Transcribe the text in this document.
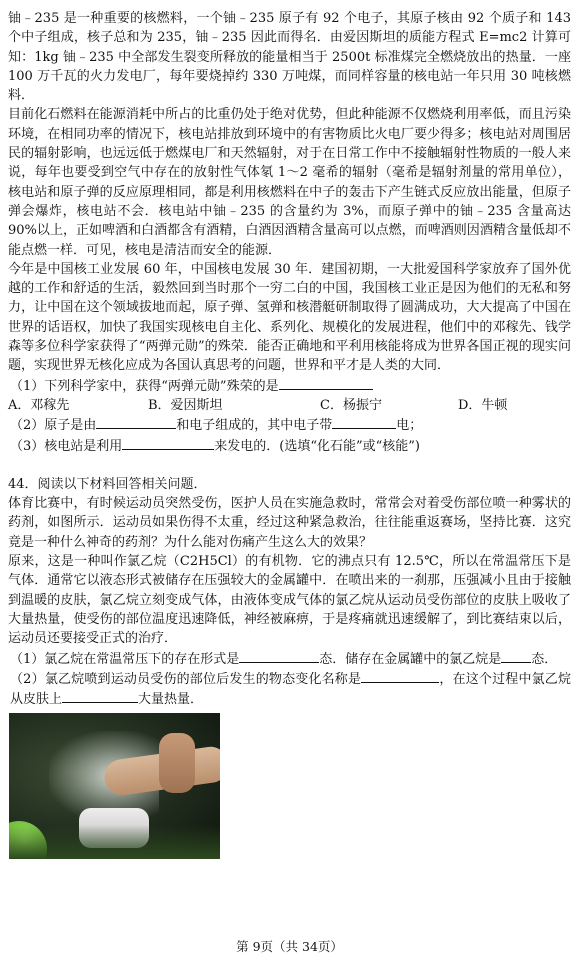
铀﹣235 是一种重要的核燃料，一个铀﹣235 原子有 92 个电子，其原子核由 92 个质子和 143 个中子组成，核子总和为 235，铀﹣235 因此而得名．由爱因斯坦的质能方程式 E=mc2 计算可知：1kg 铀﹣235 中全部发生裂变所释放的能量相当于 2500t 标准煤完全燃烧放出的热量．一座 100 万千瓦的火力发电厂，每年要烧掉约 330 万吨煤，而同样容量的核电站一年只用 30 吨核燃料．

目前化石燃料在能源消耗中所占的比重仍处于绝对优势，但此种能源不仅燃烧利用率低，而且污染环境，在相同功率的情况下，核电站排放到环境中的有害物质比火电厂要少得多；核电站对周围居民的辐射影响，也远远低于燃煤电厂和天然辐射，对于在日常工作中不接触辐射性物质的一般人来说，每年也要受到空气中存在的放射性气体氡 1～2 毫希的辐射（毫希是辐射剂量的常用单位），核电站和原子弹的反应原理相同，都是利用核燃料在中子的轰击下产生链式反应放出能量，但原子弹会爆炸，核电站不会．核电站中铀﹣235 的含量约为 3%，而原子弹中的铀﹣235 含量高达 90%以上，正如啤酒和白酒都含有酒精，白酒因酒精含量高可以点燃，而啤酒则因酒精含量低却不能点燃一样．可见，核电是清洁而安全的能源．

今年是中国核工业发展 60 年，中国核电发展 30 年．建国初期，一大批爱国科学家放弃了国外优越的工作和舒适的生活，毅然回到当时那个一穷二白的中国，我国核工业正是因为他们的无私和努力，让中国在这个领域拔地而起，原子弹、氢弹和核潜艇研制取得了圆满成功，大大提高了中国在世界的话语权，加快了我国实现核电自主化、系列化、规模化的发展进程，他们中的邓稼先、钱学森等多位科学家获得了“两弹元勋”的殊荣．能否正确地和平利用核能将成为世界各国正视的现实问题，实现世界无核化应成为各国认真思考的问题，世界和平才是人类的大同．

（1）下列科学家中，获得“两弹元勋”殊荣的是

A．邓稼先	B．爱因斯坦	C．杨振宁	D．牛顿

（2）原子是由	和电子组成的，其中电子带	电；

（3）核电站是利用	来发电的．(选填“化石能”或“核能”)

44．阅读以下材料回答相关问题．

体育比赛中，有时候运动员突然受伤，医护人员在实施急救时，常常会对着受伤部位喷一种雾状的药剂，如图所示．运动员如果伤得不太重，经过这种紧急救治，往往能重返赛场，坚持比赛．这究竟是一种什么神奇的药剂？为什么能对伤痛产生这么大的效果？

原来，这是一种叫作氯乙烷（C2H5Cl）的有机物．它的沸点只有 12.5℃，所以在常温常压下是气体．通常它以液态形式被储存在压强较大的金属罐中．在喷出来的一刹那，压强减小且由于接触到温暖的皮肤，氯乙烷立刻变成气体，由液体变成气体的氯乙烷从运动员受伤部位的皮肤上吸收了大量热量，使受伤的部位温度迅速降低，神经被麻痹，于是疼痛就迅速缓解了，到比赛结束以后，运动员还要接受正式的治疗．

（1）氯乙烷在常温常压下的存在形式是	态．储存在金属罐中的氯乙烷是 态．

（2）氯乙烷喷到运动员受伤的部位后发生的物态变化名称是	，在这个过程中氯乙烷从皮肤上	大量热量．

第 9页（共 34页）
